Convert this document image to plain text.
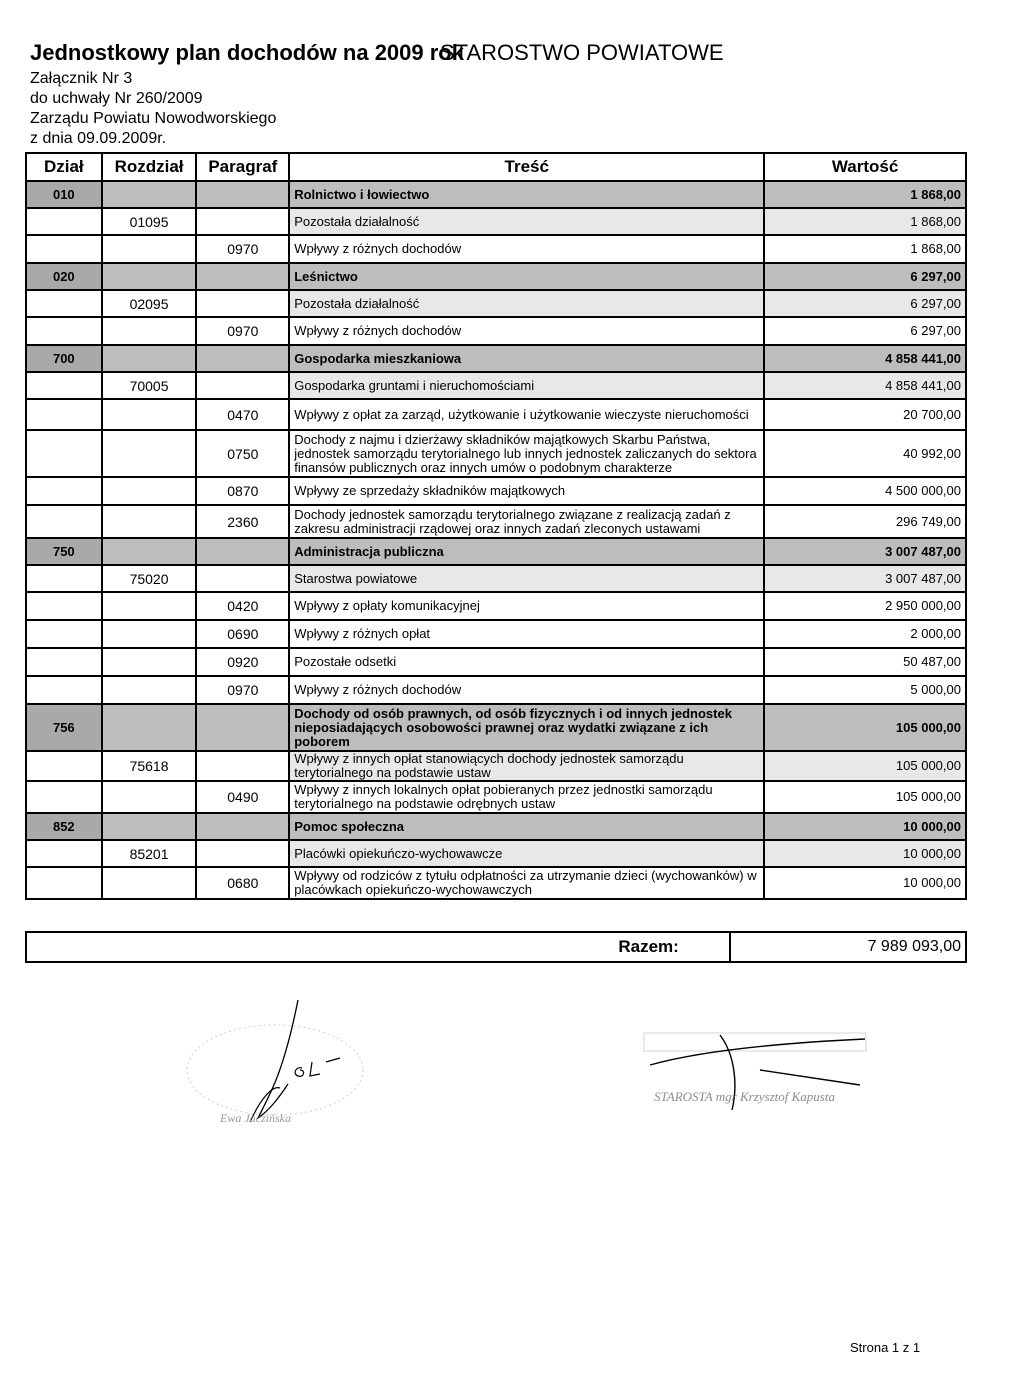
Jednostkowy plan dochodów na 2009 rok
STAROSTWO POWIATOWE
Załącznik Nr 3
do uchwały Nr 260/2009
Zarządu Powiatu Nowodworskiego
z dnia 09.09.2009r.
Dział	Rozdział	Paragraf	Treść	Wartość
010			Rolnictwo i łowiectwo	1 868,00
	01095		Pozostała działalność	1 868,00
		0970	Wpływy z różnych dochodów	1 868,00
020			Leśnictwo	6 297,00
	02095		Pozostała działalność	6 297,00
		0970	Wpływy z różnych dochodów	6 297,00
700			Gospodarka mieszkaniowa	4 858 441,00
	70005		Gospodarka gruntami i nieruchomościami	4 858 441,00
		0470	Wpływy z opłat za zarząd, użytkowanie i użytkowanie wieczyste nieruchomości	20 700,00
		0750	Dochody z najmu i dzierżawy składników majątkowych Skarbu Państwa, jednostek samorządu terytorialnego lub innych jednostek zaliczanych do sektora finansów publicznych oraz innych umów o podobnym charakterze	40 992,00
		0870	Wpływy ze sprzedaży składników majątkowych	4 500 000,00
		2360	Dochody jednostek samorządu terytorialnego związane z realizacją zadań z zakresu administracji rządowej oraz innych zadań zleconych ustawami	296 749,00
750			Administracja publiczna	3 007 487,00
	75020		Starostwa powiatowe	3 007 487,00
		0420	Wpływy z opłaty komunikacyjnej	2 950 000,00
		0690	Wpływy z różnych opłat	2 000,00
		0920	Pozostałe odsetki	50 487,00
		0970	Wpływy z różnych dochodów	5 000,00
756			Dochody od osób prawnych, od osób fizycznych i od innych jednostek nieposiadających osobowości prawnej oraz wydatki związane z ich poborem	105 000,00
	75618		Wpływy z innych opłat stanowiących dochody jednostek samorządu terytorialnego na podstawie ustaw	105 000,00
		0490	Wpływy z innych lokalnych opłat pobieranych przez jednostki samorządu terytorialnego na podstawie odrębnych ustaw	105 000,00
852			Pomoc społeczna	10 000,00
	85201		Placówki opiekuńczo-wychowawcze	10 000,00
		0680	Wpływy od rodziców z tytułu odpłatności za utrzymanie dzieci (wychowanków) w placówkach opiekuńczo-wychowawczych	10 000,00
Razem:	7 989 093,00
Ewa Jaczińska
STAROSTA mgr Krzysztof Kapusta
Strona 1 z 1
